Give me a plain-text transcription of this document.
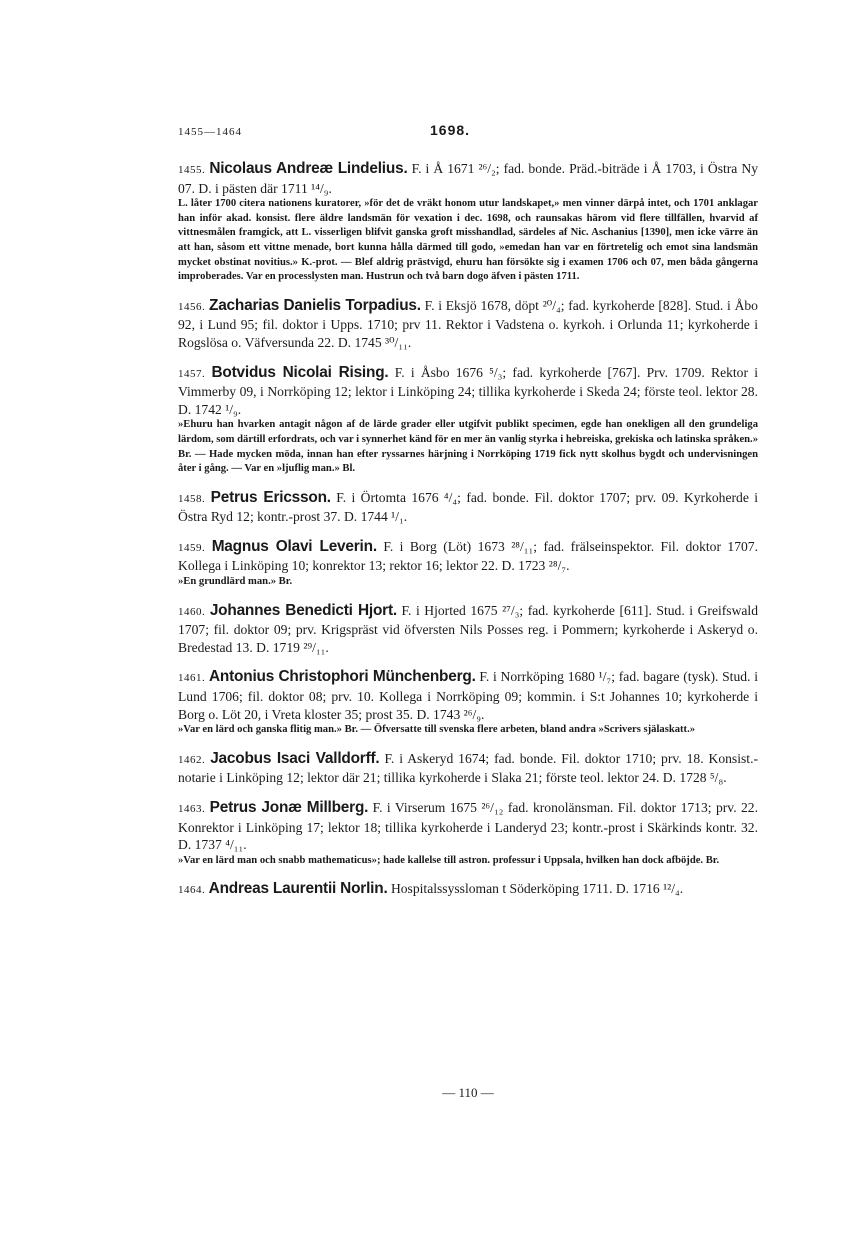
1455—1464	1698.
1455. Nicolaus Andreæ Lindelius. F. i Å 1671 ²⁶/₂; fad. bonde. Präd.-biträde i Å 1703, i Östra Ny 07. D. i pästen där 1711 ¹⁴/₉.
L. låter 1700 citera nationens kuratorer, »för det de vräkt honom utur landskapet,» men vinner därpå intet, och 1701 anklagar han inför akad. konsist. flere äldre landsmän för vexation i dec. 1698, och raunsakas härom vid flere tillfällen, hvarvid af vittnesmålen framgick, att L. visserligen blifvit ganska groft misshandlad, särdeles af Nic. Aschanius [1390], men icke värre än att han, såsom ett vittne menade, bort kunna hålla därmed till godo, »emedan han var en förtretelig och emot sina landsmän mycket obstinat novitius.» K.-prot. — Blef aldrig prästvigd, ehuru han försökte sig i examen 1706 och 07, men båda gångerna improberades. Var en processlysten man. Hustrun och två barn dogo äfven i pästen 1711.
1456. Zacharias Danielis Torpadius. F. i Eksjö 1678, döpt ²⁰/₄; fad. kyrkoherde [828]. Stud. i Åbo 92, i Lund 95; fil. doktor i Upps. 1710; prv 11. Rektor i Vadstena o. kyrkoh. i Orlunda 11; kyrkoherde i Rogslösa o. Väfversunda 22. D. 1745 ³⁰/₁₁.
1457. Botvidus Nicolai Rising. F. i Åsbo 1676 ⁵/₃; fad. kyrkoherde [767]. Prv. 1709. Rektor i Vimmerby 09, i Norrköping 12; lektor i Linköping 24; tillika kyrkoherde i Skeda 24; förste teol. lektor 28. D. 1742 ¹/₉.
»Ehuru han hvarken antagit någon af de lärde grader eller utgifvit publikt specimen, egde han onekligen all den grundeliga lärdom, som därtill erfordrats, och var i synnerhet känd för en mer än vanlig styrka i hebreiska, grekiska och latinska språken.» Br. — Hade mycken möda, innan han efter ryssarnes härjning i Norrköping 1719 fick nytt skolhus bygdt och undervisningen åter i gång. — Var en »ljuflig man.» Bl.
1458. Petrus Ericsson. F. i Örtomta 1676 ⁴/₄; fad. bonde. Fil. doktor 1707; prv. 09. Kyrkoherde i Östra Ryd 12; kontr.-prost 37. D. 1744 ¹/₁.
1459. Magnus Olavi Leverin. F. i Borg (Löt) 1673 ²⁸/₁₁; fad. frälseinspektor. Fil. doktor 1707. Kollega i Linköping 10; konrektor 13; rektor 16; lektor 22. D. 1723 ²⁸/₇.
»En grundlärd man.» Br.
1460. Johannes Benedicti Hjort. F. i Hjorted 1675 ²⁷/₃; fad. kyrkoherde [611]. Stud. i Greifswald 1707; fil. doktor 09; prv. Krigspräst vid öfversten Nils Posses reg. i Pommern; kyrkoherde i Askeryd o. Bredestad 13. D. 1719 ²⁹/₁₁.
1461. Antonius Christophori Münchenberg. F. i Norrköping 1680 ¹/₇; fad. bagare (tysk). Stud. i Lund 1706; fil. doktor 08; prv. 10. Kollega i Norrköping 09; kommin. i S:t Johannes 10; kyrkoherde i Borg o. Löt 20, i Vreta kloster 35; prost 35. D. 1743 ²⁶/₉.
»Var en lärd och ganska flitig man.» Br. — Öfversatte till svenska flere arbeten, bland andra »Scrivers själaskatt.»
1462. Jacobus Isaci Valldorff. F. i Askeryd 1674; fad. bonde. Fil. doktor 1710; prv. 18. Konsist.-notarie i Linköping 12; lektor där 21; tillika kyrkoherde i Slaka 21; förste teol. lektor 24. D. 1728 ⁵/₈.
1463. Petrus Jonæ Millberg. F. i Virserum 1675 ²⁶/₁₂ fad. kronolänsman. Fil. doktor 1713; prv. 22. Konrektor i Linköping 17; lektor 18; tillika kyrkoherde i Landeryd 23; kontr.-prost i Skärkinds kontr. 32. D. 1737 ⁴/₁₁.
»Var en lärd man och snabb mathematicus»; hade kallelse till astron. professur i Uppsala, hvilken han dock afböjde. Br.
1464. Andreas Laurentii Norlin. Hospitalssyssloman t Söderköping 1711. D. 1716 ¹²/₄.
— 110 —
